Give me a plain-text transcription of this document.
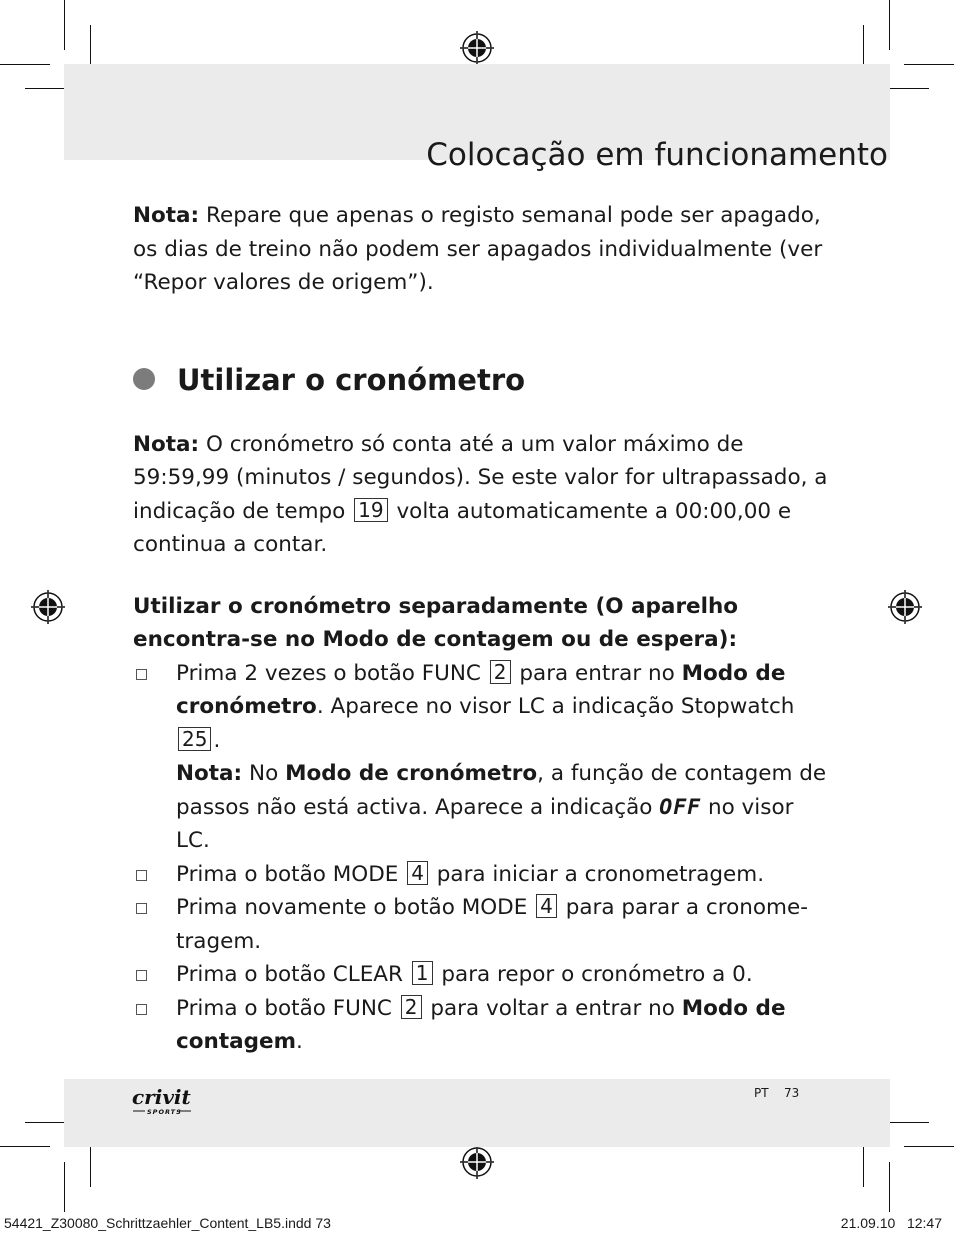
Colocação em funcionamento

Nota: Repare que apenas o registo semanal pode ser apagado, os dias de treino não podem ser apagados individualmente (ver “Repor valores de origem”).

Utilizar o cronómetro

Nota: O cronómetro só conta até a um valor máximo de 59:59,99 (minutos / segundos). Se este valor for ultrapassado, a indicação de tempo 19 volta automaticamente a 00:00,00 e continua a contar.

Utilizar o cronómetro separadamente (O aparelho encontra-se no Modo de contagem ou de espera):

Prima 2 vezes o botão FUNC 2 para entrar no Modo de cronómetro. Aparece no visor LC a indicação Stopwatch 25 .
Nota: No Modo de cronómetro, a função de contagem de passos não está activa. Aparece a indicação OFF no visor LC.
Prima o botão MODE 4 para iniciar a cronometragem.
Prima novamente o botão MODE 4 para parar a cronometragem.
Prima o botão CLEAR 1 para repor o cronómetro a 0.
Prima o botão FUNC 2 para voltar a entrar no Modo de contagem.
crivit
SPORTS
PT 73
54421_Z30080_Schrittzaehler_Content_LB5.indd 73	21.09.10   12:47
